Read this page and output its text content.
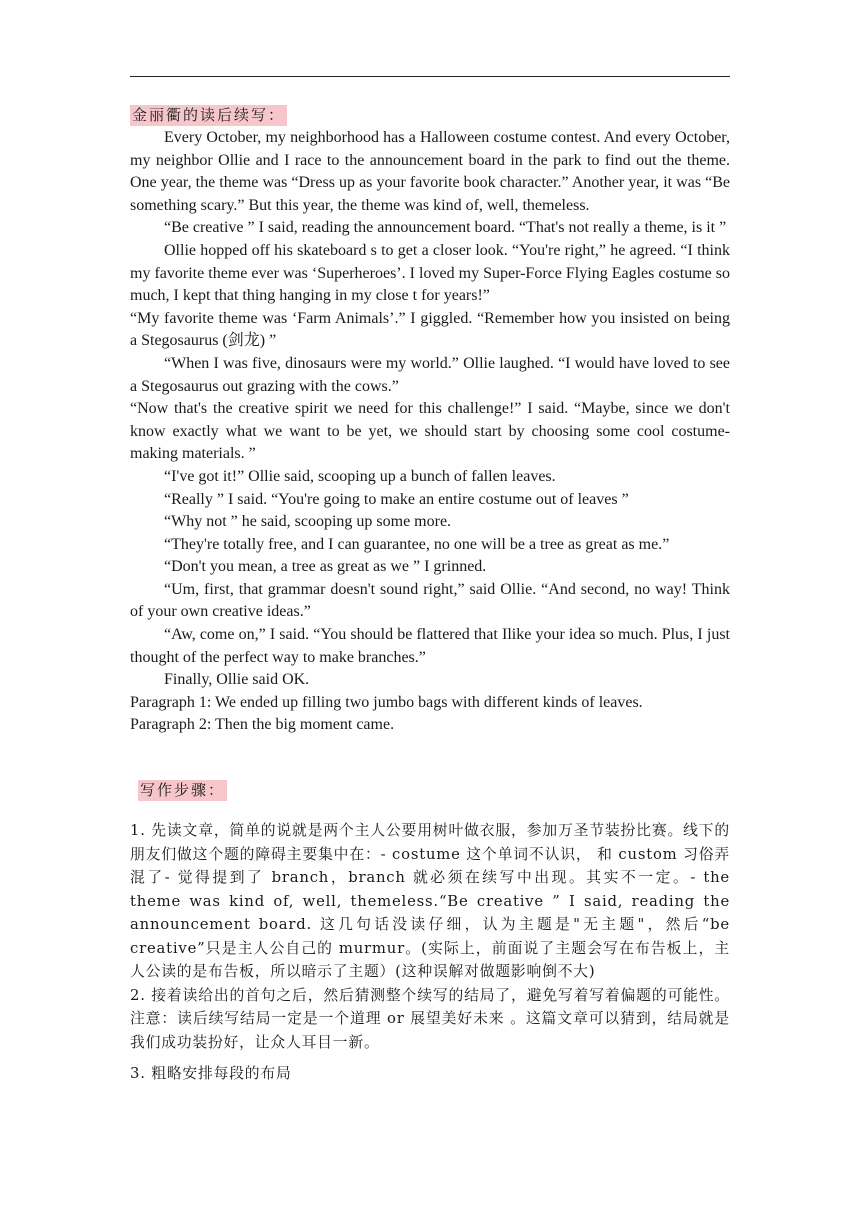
金丽衢的读后续写：

Every October, my neighborhood has a Halloween costume contest. And every October, my neighbor Ollie and I race to the announcement board in the park to find out the theme. One year, the theme was “Dress up as your favorite book character.” Another year, it was “Be something scary.” But this year, the theme was kind of, well, themeless.

“Be creative ” I said, reading the announcement board. “That's not really a theme, is it ”

Ollie hopped off his skateboard s to get a closer look. “You're right,” he agreed. “I think my favorite theme ever was ‘Superheroes’. I loved my Super-Force Flying Eagles costume so much, I kept that thing hanging in my close t for years!”

“My favorite theme was ‘Farm Animals’.” I giggled. “Remember how you insisted on being a Stegosaurus (剑龙) ”

“When I was five, dinosaurs were my world.” Ollie laughed. “I would have loved to see a Stegosaurus out grazing with the cows.”

“Now that's the creative spirit we need for this challenge!” I said. “Maybe, since we don't know exactly what we want to be yet, we should start by choosing some cool costume-making materials. ”

“I've got it!” Ollie said, scooping up a bunch of fallen leaves.

“Really ” I said. “You're going to make an entire costume out of leaves ”

“Why not ” he said, scooping up some more.

“They're totally free, and I can guarantee, no one will be a tree as great as me.”

“Don't you mean, a tree as great as we ” I grinned.

“Um, first, that grammar doesn't sound right,” said Ollie. “And second, no way! Think of your own creative ideas.”

“Aw, come on,” I said. “You should be flattered that Ilike your idea so much. Plus, I just thought of the perfect way to make branches.”

Finally, Ollie said OK.

Paragraph 1: We ended up filling two jumbo bags with different kinds of leaves.

Paragraph 2: Then the big moment came.

写作步骤：

1. 先读文章，简单的说就是两个主人公要用树叶做衣服，参加万圣节装扮比赛。线下的朋友们做这个题的障碍主要集中在：- costume 这个单词不认识， 和 custom 习俗弄混了- 觉得提到了 branch，branch 就必须在续写中出现。其实不一定。- the theme was kind of, well, themeless.“Be creative ” I said, reading the announcement board. 这几句话没读仔细，认为主题是"无主题"，然后“be creative”只是主人公自己的 murmur。(实际上，前面说了主题会写在布告板上，主人公读的是布告板，所以暗示了主题）(这种误解对做题影响倒不大)

2. 接着读给出的首句之后，然后猜测整个续写的结局了，避免写着写着偏题的可能性。注意：读后续写结局一定是一个道理 or 展望美好未来 。这篇文章可以猜到，结局就是我们成功装扮好，让众人耳目一新。

3. 粗略安排每段的布局
